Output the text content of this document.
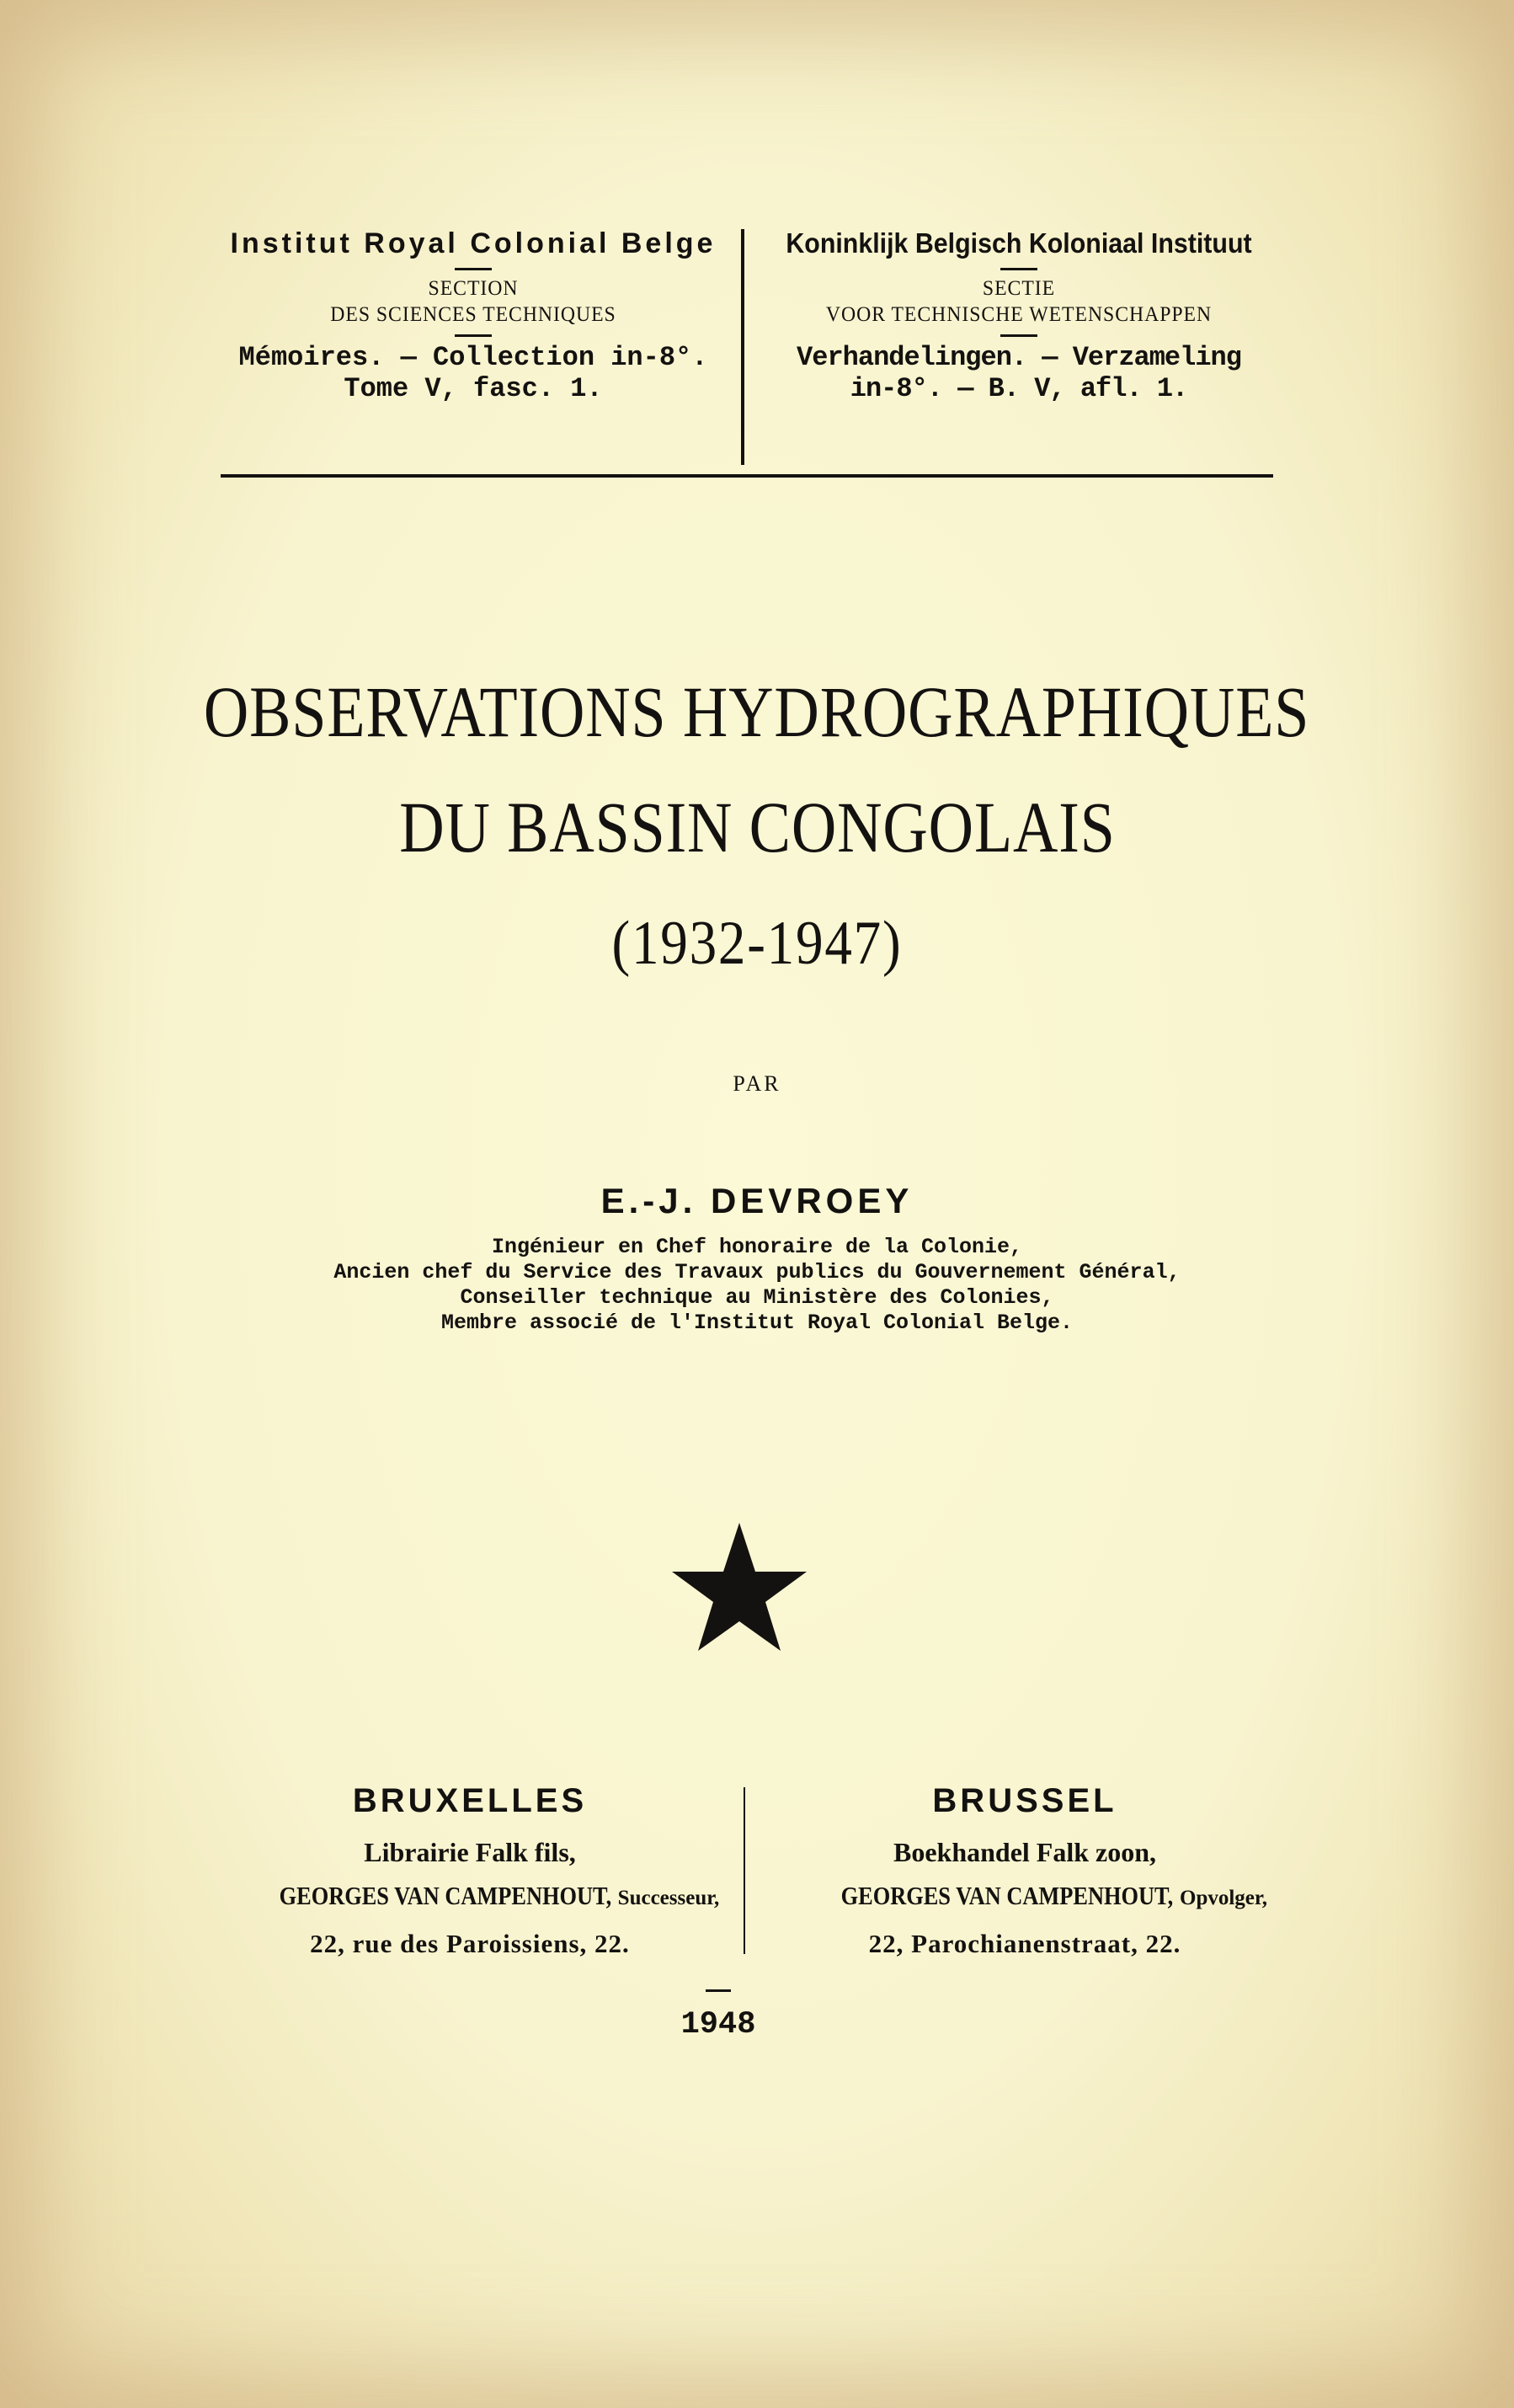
Institut Royal Colonial Belge
SECTION
DES SCIENCES TECHNIQUES
Mémoires. — Collection in-8°.
Tome V, fasc. 1.
Koninklijk Belgisch Koloniaal Instituut
SECTIE
VOOR TECHNISCHE WETENSCHAPPEN
Verhandelingen. — Verzameling
in-8°. — B. V, afl. 1.
OBSERVATIONS HYDROGRAPHIQUES
DU BASSIN CONGOLAIS
(1932-1947)
PAR
E.-J. DEVROEY
Ingénieur en Chef honoraire de la Colonie,
Ancien chef du Service des Travaux publics du Gouvernement Général,
Conseiller technique au Ministère des Colonies,
Membre associé de l'Institut Royal Colonial Belge.
BRUXELLES
Librairie Falk fils,
GEORGES VAN CAMPENHOUT, Successeur,
22, rue des Paroissiens, 22.
BRUSSEL
Boekhandel Falk zoon,
GEORGES VAN CAMPENHOUT, Opvolger,
22, Parochianenstraat, 22.
1948
